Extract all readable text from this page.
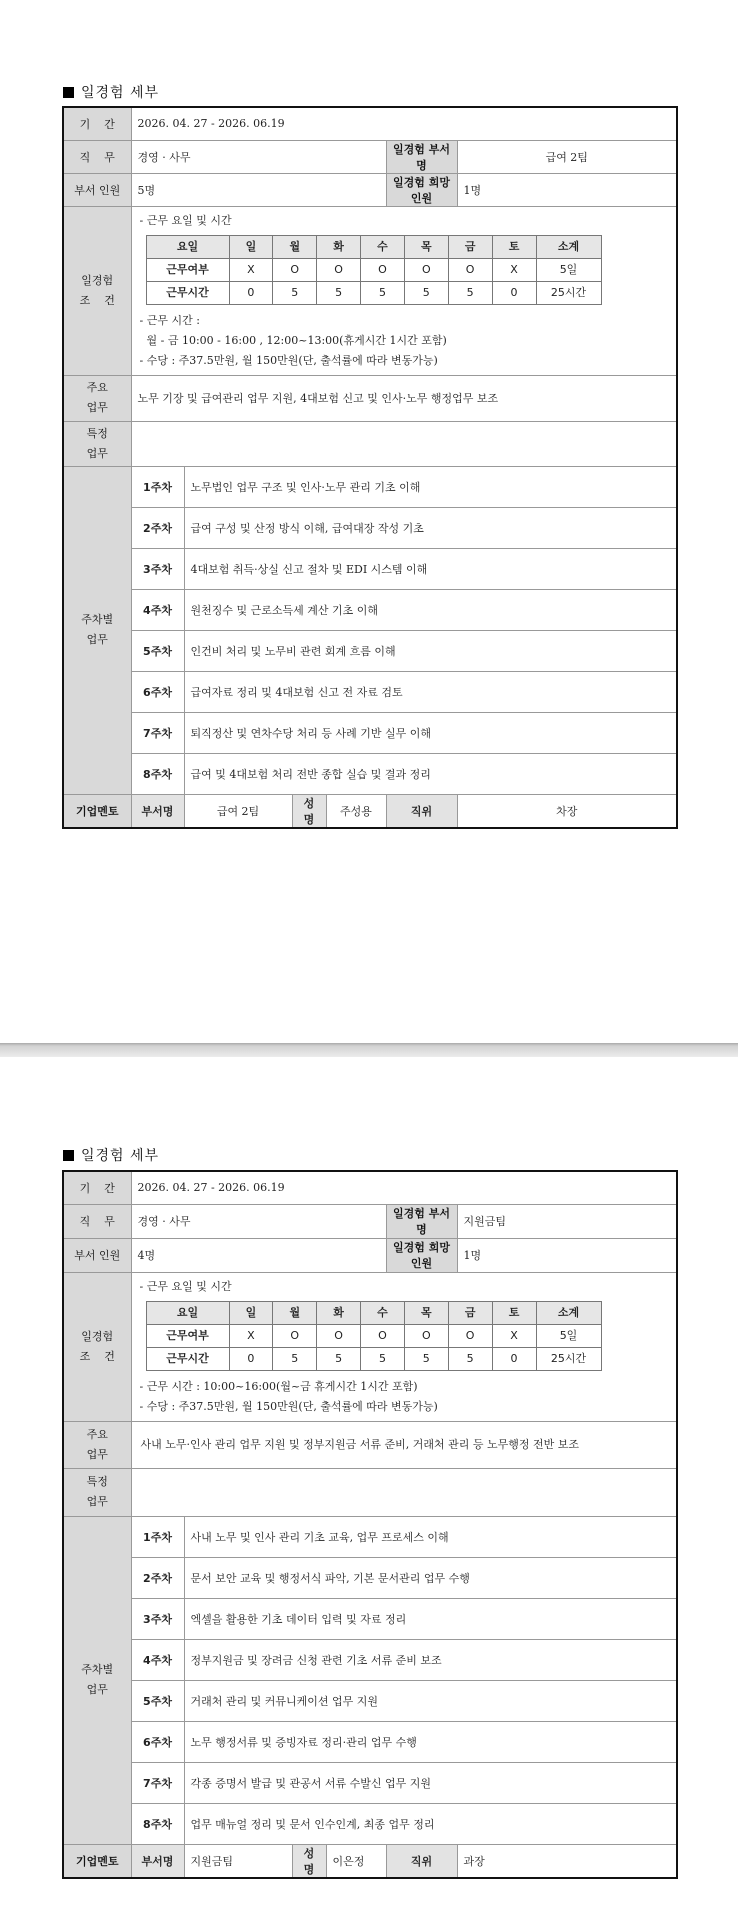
일경험 세부
기    간	2026. 04. 27 - 2026. 06.19
직    무	경영 · 사무	일경험 부서명	급여 2팀
부서 인원	5명	일경험 희망 인원	1명

일경험
조    건

- 근무 요일 및 시간
요일	일	월	화	수	목	금	토	소계
근무여부	X	O	O	O	O	O	X	5일
근무시간	0	5	5	5	5	5	0	25시간
- 근무 시간 :
월 - 금 10:00 - 16:00 , 12:00~13:00(휴게시간 1시간 포함)
- 수당 : 주37.5만원, 월 150만원(단, 출석률에 따라 변동가능)

주요
업무
	노무 기장 및 급여관리 업무 지원, 4대보험 신고 및 인사·노무 행정업무 보조

특정
업무

주차별
업무
	1주차	노무법인 업무 구조 및 인사·노무 관리 기초 이해
2주차	급여 구성 및 산정 방식 이해, 급여대장 작성 기초
3주차	4대보험 취득·상실 신고 절차 및 EDI 시스템 이해
4주차	원천징수 및 근로소득세 계산 기초 이해
5주차	인건비 처리 및 노무비 관련 회계 흐름 이해
6주차	급여자료 정리 및 4대보험 신고 전 자료 검토
7주차	퇴직정산 및 연차수당 처리 등 사례 기반 실무 이해
8주차	급여 및 4대보험 처리 전반 종합 실습 및 결과 정리
기업멘토	부서명	급여 2팀	성명	주성용	직위	차장
일경험 세부
기    간	2026. 04. 27 - 2026. 06.19
직    무	경영 · 사무	일경험 부서명	지원금팀
부서 인원	4명	일경험 희망 인원	1명

일경험
조    건

- 근무 요일 및 시간
요일	일	월	화	수	목	금	토	소계
근무여부	X	O	O	O	O	O	X	5일
근무시간	0	5	5	5	5	5	0	25시간
- 근무 시간 : 10:00~16:00(월~금 휴게시간 1시간 포함)
- 수당 : 주37.5만원, 월 150만원(단, 출석률에 따라 변동가능)

주요
업무
	사내 노무·인사 관리 업무 지원 및 정부지원금 서류 준비, 거래처 관리 등 노무행정 전반 보조

특정
업무

주차별
업무
	1주차	사내 노무 및 인사 관리 기초 교육, 업무 프로세스 이해
2주차	문서 보안 교육 및 행정서식 파악, 기본 문서관리 업무 수행
3주차	엑셀을 활용한 기초 데이터 입력 및 자료 정리
4주차	정부지원금 및 장려금 신청 관련 기초 서류 준비 보조
5주차	거래처 관리 및 커뮤니케이션 업무 지원
6주차	노무 행정서류 및 증빙자료 정리·관리 업무 수행
7주차	각종 증명서 발급 및 관공서 서류 수발신 업무 지원
8주차	업무 매뉴얼 정리 및 문서 인수인계, 최종 업무 정리
기업멘토	부서명	지원금팀	성명	이은정	직위	과장
